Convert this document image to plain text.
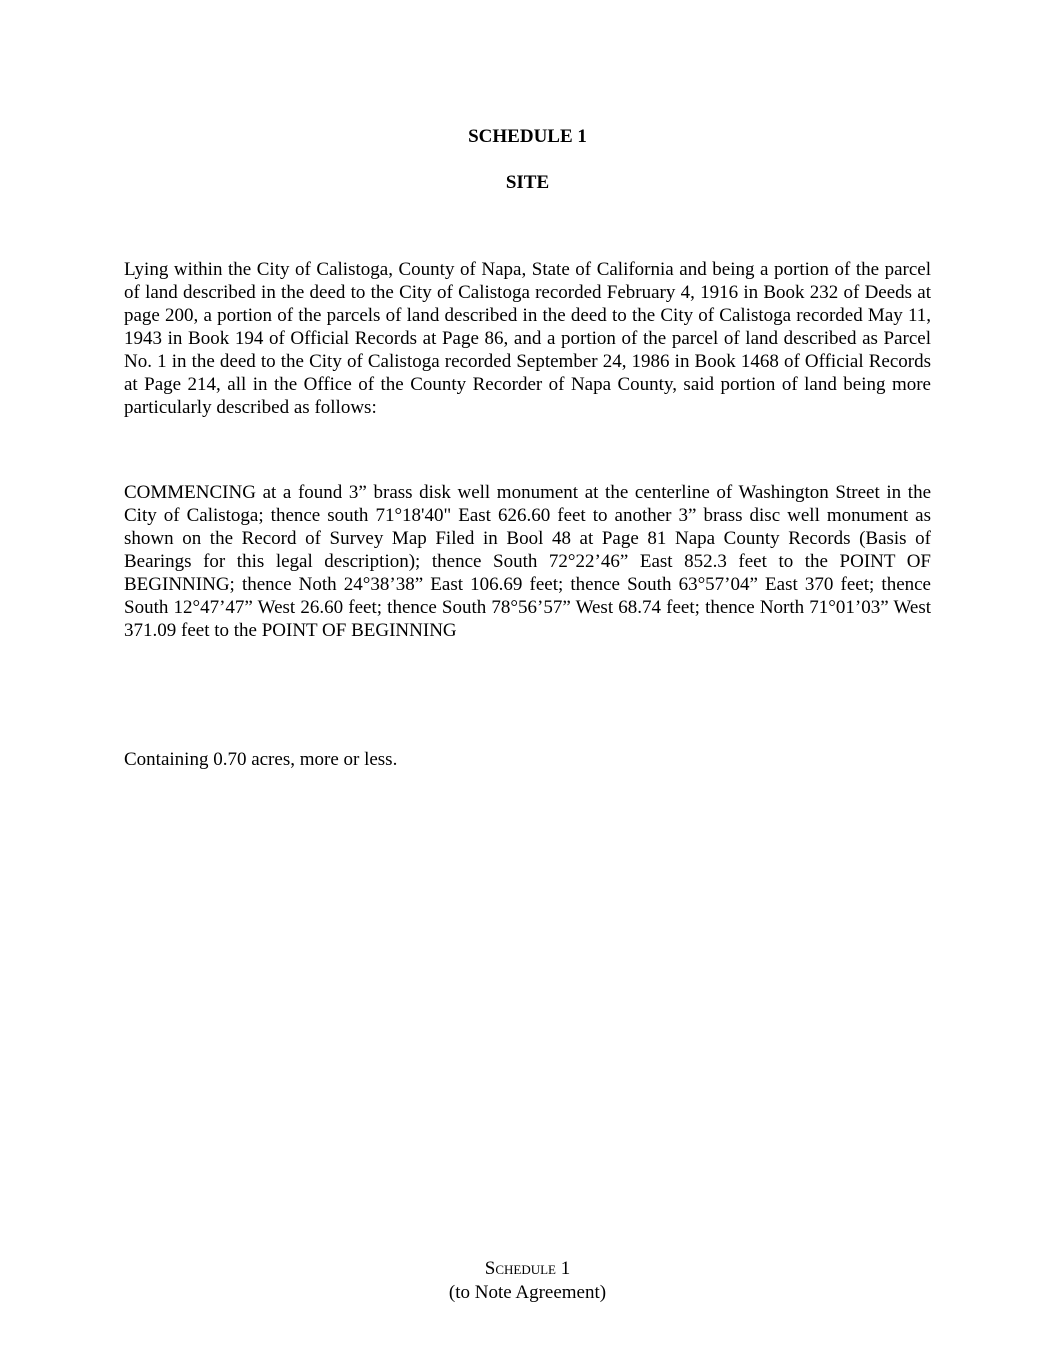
SCHEDULE 1
SITE

Lying within the City of Calistoga, County of Napa, State of California and being a portion of the parcel of land described in the deed to the City of Calistoga recorded February 4, 1916 in Book 232 of Deeds at page 200, a portion of the parcels of land described in the deed to the City of Calistoga recorded May 11, 1943 in Book 194 of Official Records at Page 86, and a portion of the parcel of land described as Parcel No. 1 in the deed to the City of Calistoga recorded September 24, 1986 in Book 1468 of Official Records at Page 214, all in the Office of the County Recorder of Napa County, said portion of land being more particularly described as follows:

COMMENCING at a found 3” brass disk well monument at the centerline of Washington Street in the City of Calistoga; thence south 71°18'40" East 626.60 feet to another 3” brass disc well monument as shown on the Record of Survey Map Filed in Bool 48 at Page 81 Napa County Records (Basis of Bearings for this legal description); thence South 72°22’46” East 852.3 feet to the POINT OF BEGINNING; thence Noth 24°38’38” East 106.69 feet; thence South 63°57’04” East 370 feet; thence South 12°47’47” West 26.60 feet; thence South 78°56’57” West 68.74 feet; thence North 71°01’03” West 371.09 feet to the POINT OF BEGINNING

Containing 0.70 acres, more or less.

Schedule 1
(to Note Agreement)
